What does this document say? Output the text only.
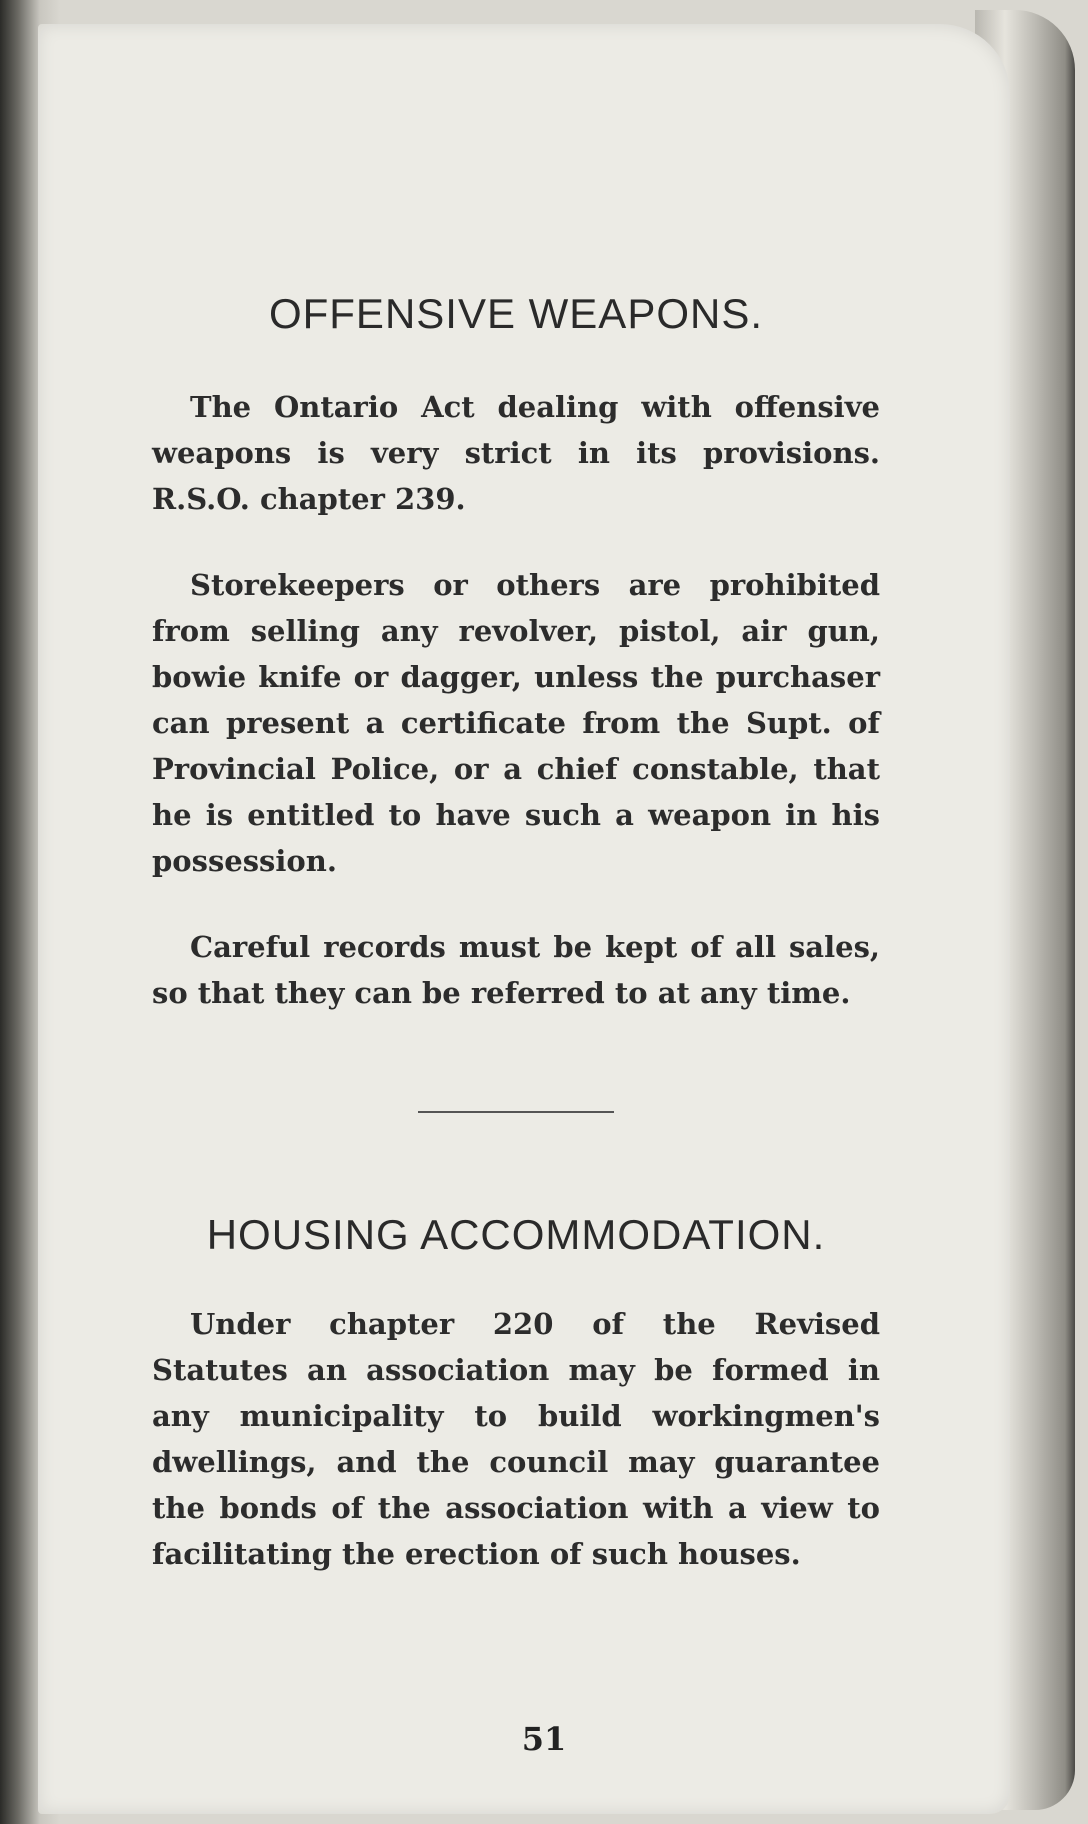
OFFENSIVE WEAPONS.

The Ontario Act dealing with offensive weapons is very strict in its provisions. R.S.O. chapter 239.

Storekeepers or others are prohibited from selling any revolver, pistol, air gun, bowie knife or dagger, unless the purchaser can present a certificate from the Supt. of Provincial Police, or a chief constable, that he is entitled to have such a weapon in his possession.

Careful records must be kept of all sales, so that they can be referred to at any time.

HOUSING ACCOMMODATION.

Under chapter 220 of the Revised Statutes an association may be formed in any municipality to build workingmen's dwellings, and the council may guarantee the bonds of the association with a view to facilitating the erection of such houses.

51
